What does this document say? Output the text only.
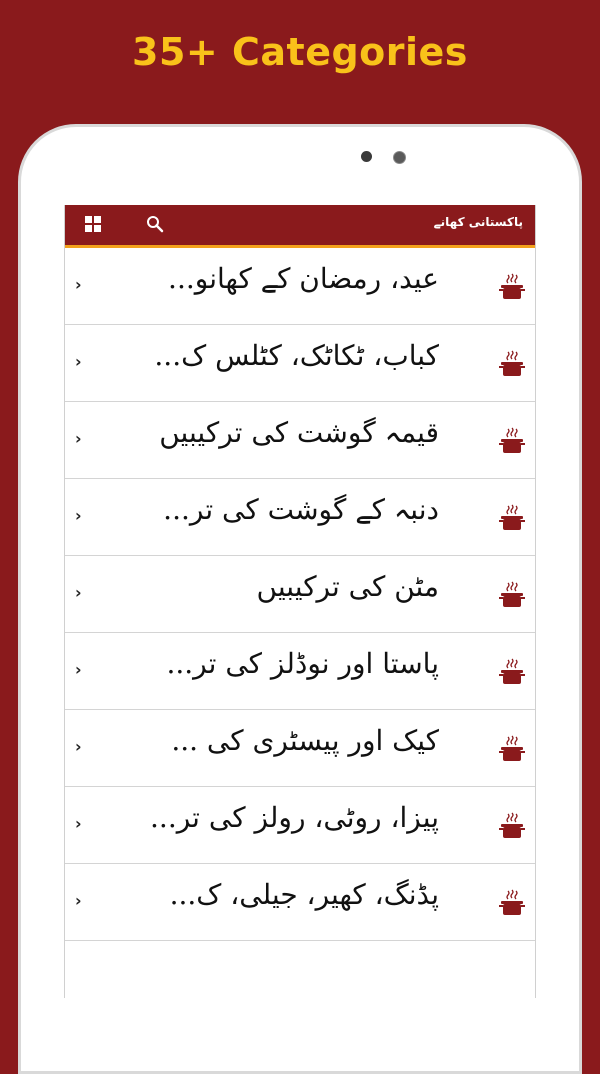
35+ Categories
پاکستانی کھانے
›	عید، رمضان کے کھانو...
›	کباب، ٹکاٹک، کٹلس ک...
›	قیمہ گوشت کی ترکیبیں
›	دنبہ کے گوشت کی تر...
›	مٹن کی ترکیبیں
›	پاستا اور نوڈلز کی تر...
›	کیک اور پیسٹری کی ...
› پیزا، روٹی، رولز کی تر...
›	پڈنگ، کھیر، جیلی، ک...
